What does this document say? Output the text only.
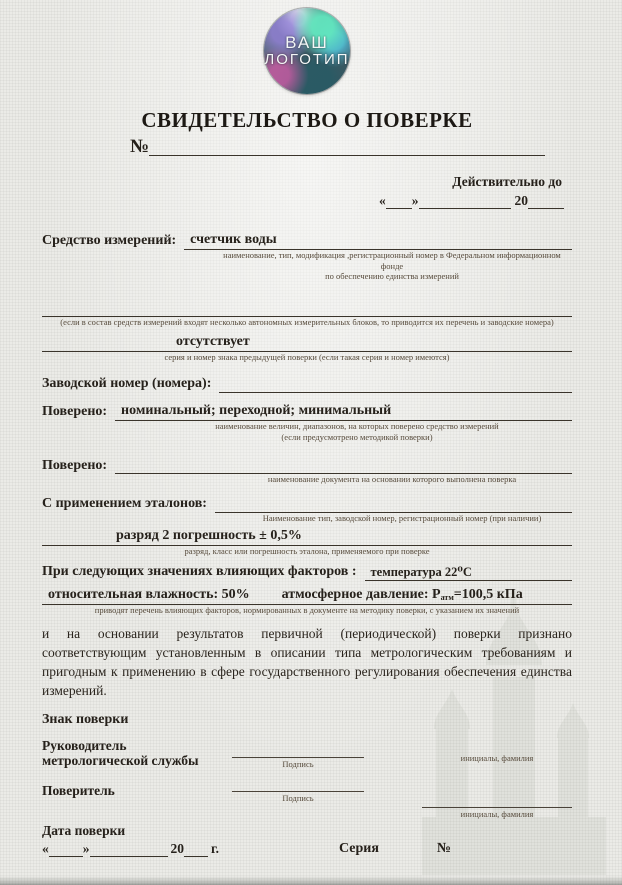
ВАШ
ЛОГОТИП
СВИДЕТЕЛЬСТВО О ПОВЕРКЕ
№
Действительно до
« »	20
Средство измерений:	счетчик воды
наименование, тип, модификация ,регистрационный номер в Федеральном информационном фонде
по обеспечению единства измерений
(если в состав средств измерений входят несколько автономных измерительных блоков, то приводится их перечень и заводские номера)
отсутствует
серия и номер знака предыдущей поверки (если такая серия и номер имеются)
Заводской номер (номера):
Поверено:	номинальный; переходной; минимальный
наименование величин, диапазонов, на которых поверено средство измерений
(если предусмотрено методикой поверки)
Поверено:
наименование документа на основании которого выполнена поверка
С применением эталонов:
Наименование тип, заводской номер, регистрационный номер (при наличии)
разряд 2 погрешность ± 0,5%
разряд, класс или погрешность эталона, применяемого при поверке
При следующих значениях влияющих факторов :	температура 22⁰С
относительная влажность: 50%	атмосферное давление: $Р_{атм}=100,5$ кПа
приводят перечень влияющих факторов, нормированных в документе на методику поверки, с указанием их значений
и на основании результатов первичной (периодической) поверки признано соответствующим установленным в описании типа метрологическим требованиям и пригодным к применению в сфере государственного регулирования обеспечения единства измерений.
Знак поверки
Руководитель
метрологической службы	Подпись
инициалы, фамилия
Поверитель	Подпись
инициалы, фамилия
Дата поверки
«	»	20 г.	Серия	№
